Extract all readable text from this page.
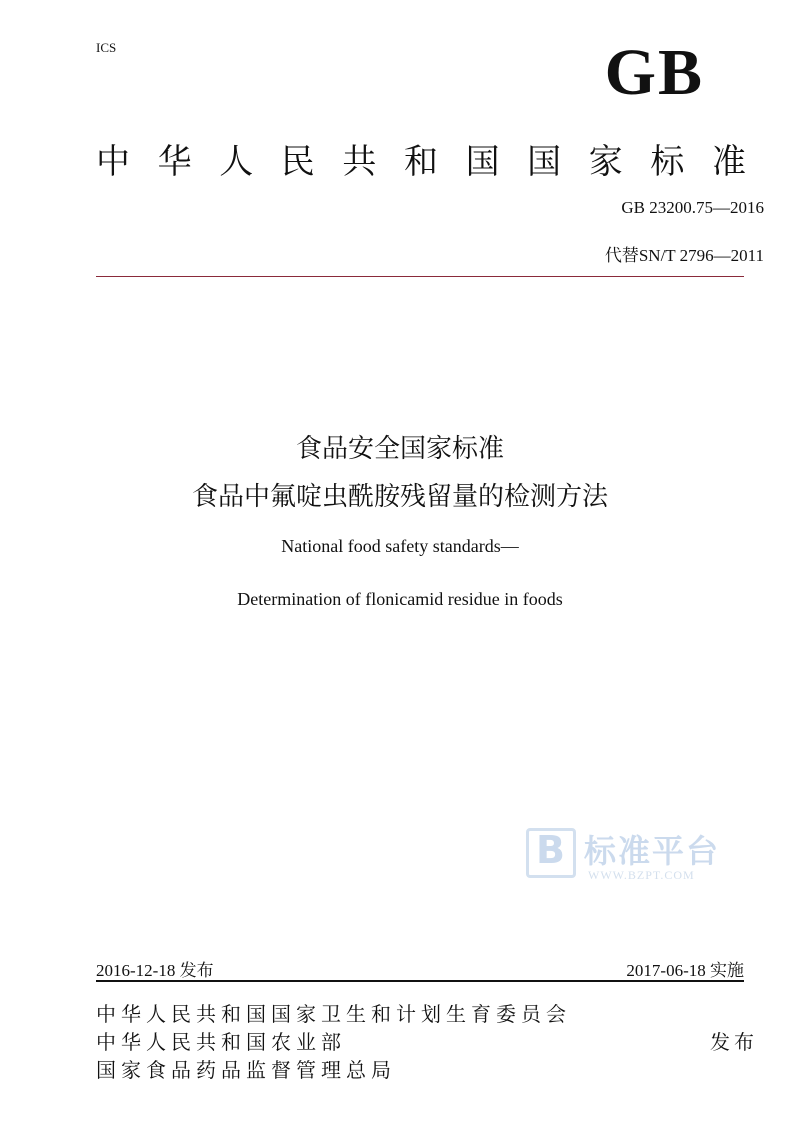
ICS	GB
中 华 人 民 共 和 国 国 家 标 准
GB 23200.75—2016
代替SN/T 2796—2011
食品安全国家标准
食品中氟啶虫酰胺残留量的检测方法
National food safety standards—
Determination of flonicamid residue in foods
B 标准平台
WWW.BZPT.COM
2016-12-18 发布	2017-06-18 实施
中华人民共和国国家卫生和计划生育委员会
中华人民共和国农业部
国家食品药品监督管理总局
发布
